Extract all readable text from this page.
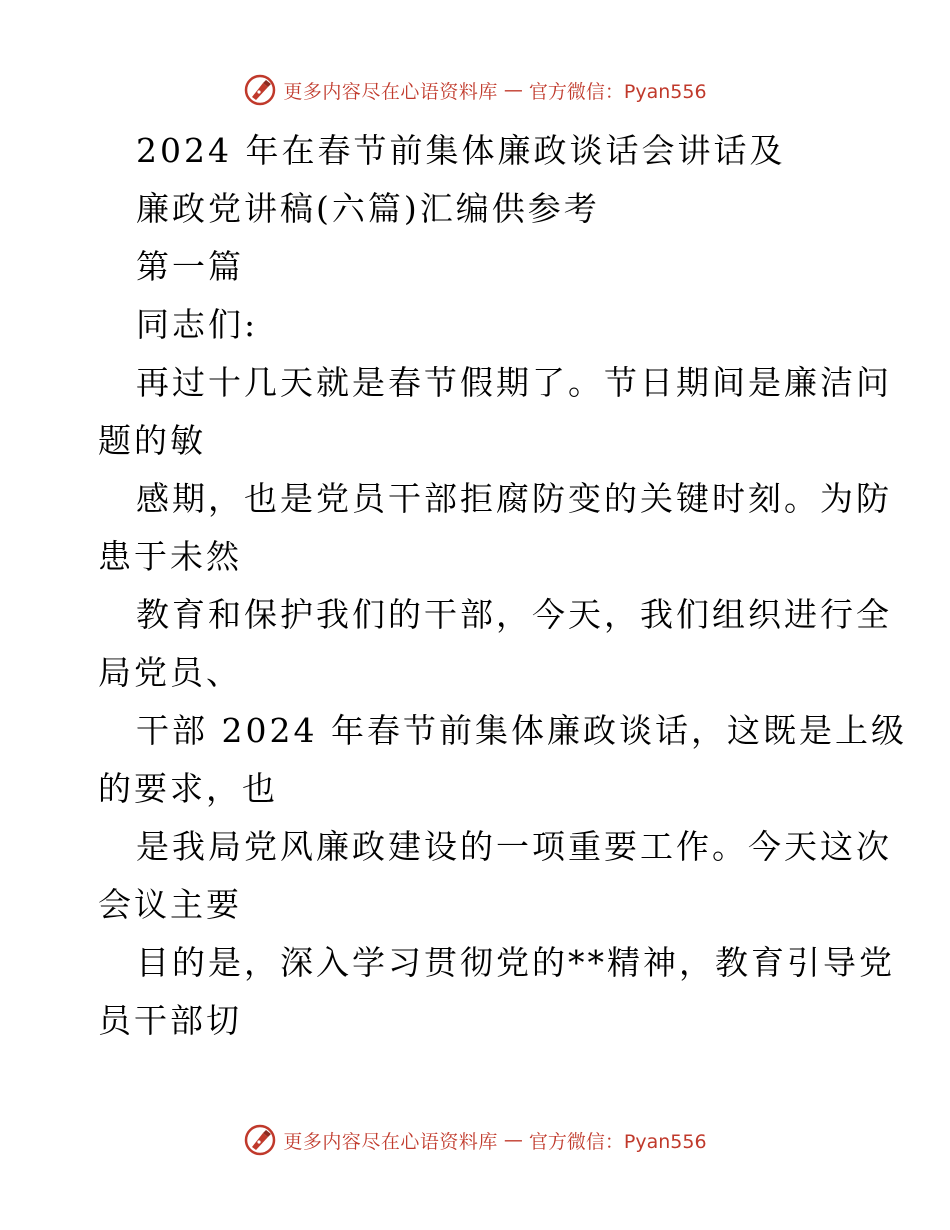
更多内容尽在心语资料库 — 官方微信：Pyan556
2024 年在春节前集体廉政谈话会讲话及
廉政党讲稿(六篇)汇编供参考
第一篇
同志们:
再过十几天就是春节假期了。节日期间是廉洁问
题的敏
感期，也是党员干部拒腐防变的关键时刻。为防
患于未然
教育和保护我们的干部，今天，我们组织进行全
局党员、
干部 2024 年春节前集体廉政谈话，这既是上级
的要求，也
是我局党风廉政建设的一项重要工作。今天这次
会议主要
目的是，深入学习贯彻党的**精神，教育引导党
员干部切
更多内容尽在心语资料库 — 官方微信：Pyan556
